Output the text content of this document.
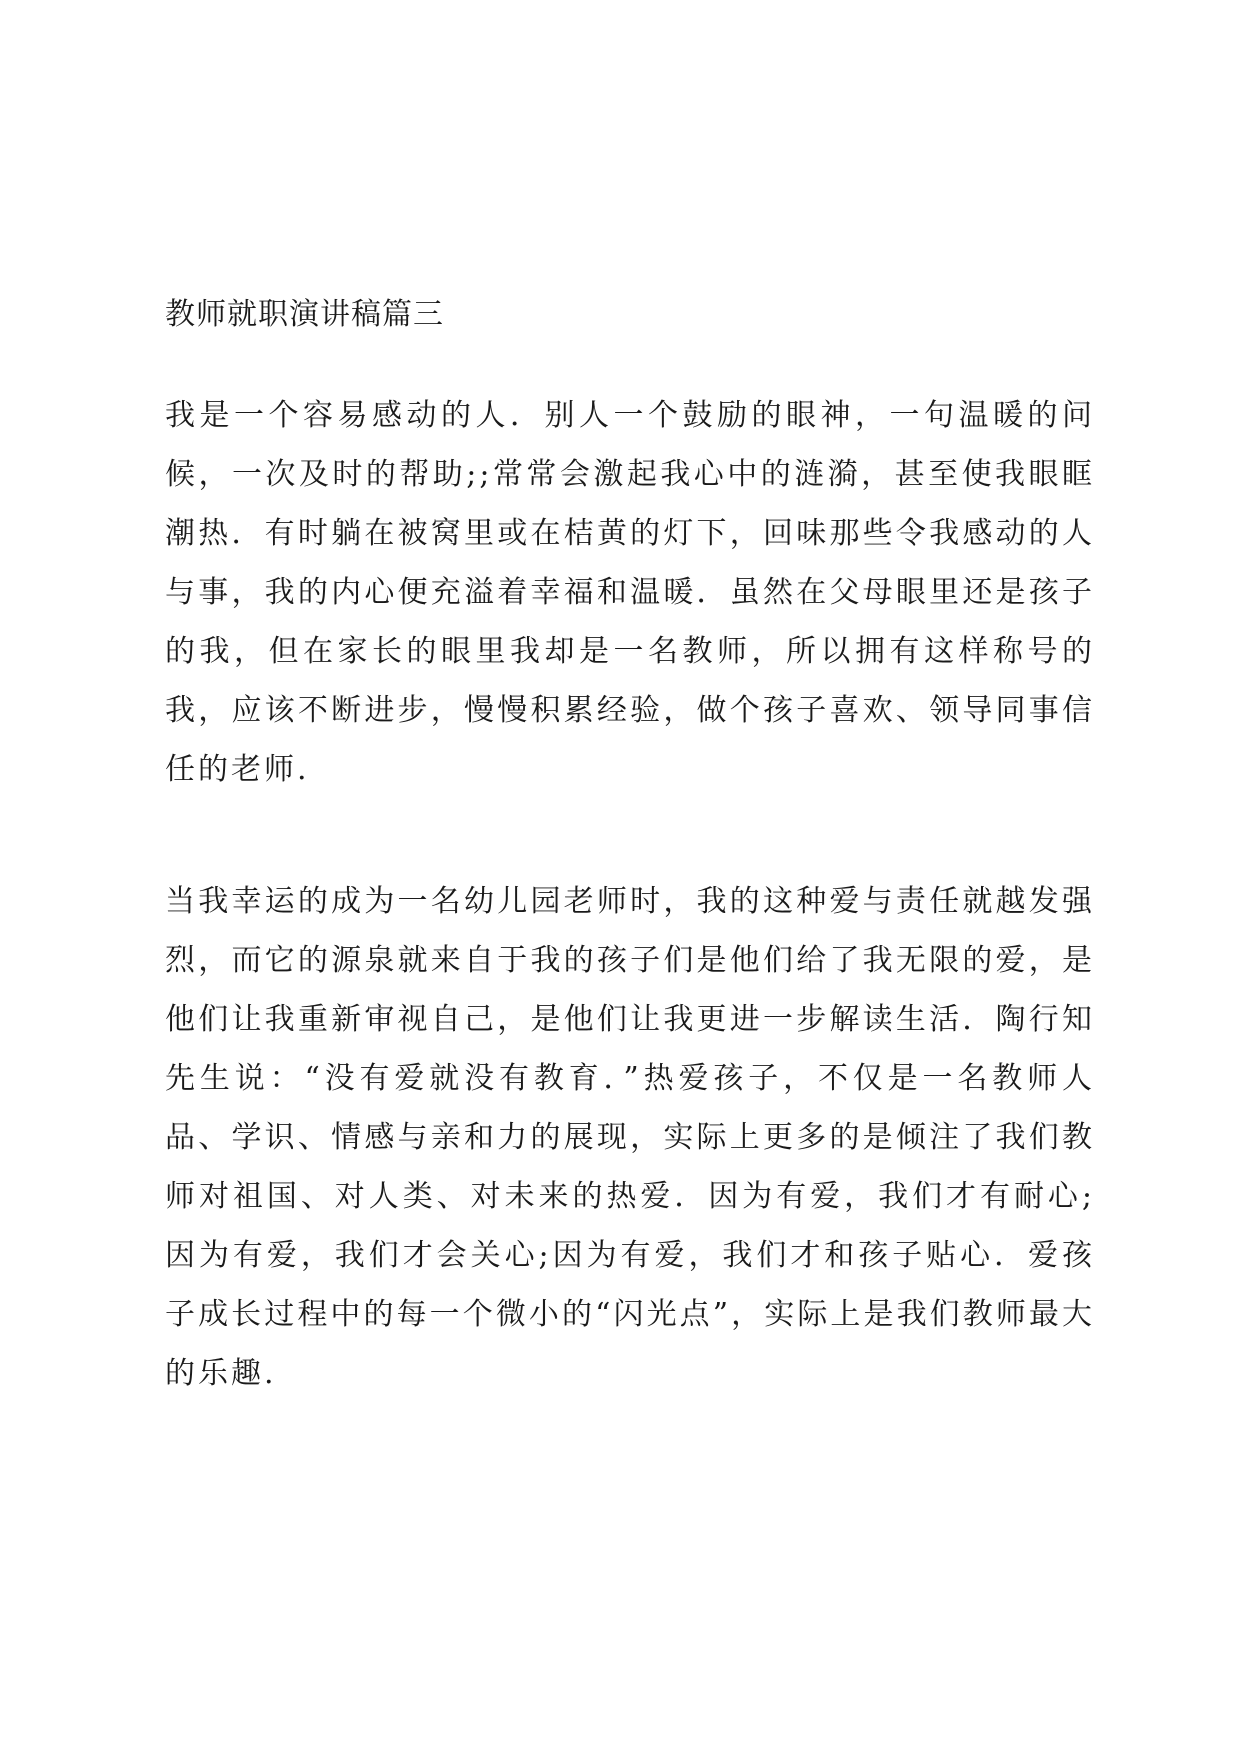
教师就职演讲稿篇三

我是一个容易感动的人．别人一个鼓励的眼神，一句温暖的问候，一次及时的帮助;;常常会激起我心中的涟漪，甚至使我眼眶潮热．有时躺在被窝里或在桔黄的灯下，回味那些令我感动的人与事，我的内心便充溢着幸福和温暖．虽然在父母眼里还是孩子的我，但在家长的眼里我却是一名教师，所以拥有这样称号的我，应该不断进步，慢慢积累经验，做个孩子喜欢、领导同事信任的老师.

当我幸运的成为一名幼儿园老师时，我的这种爱与责任就越发强烈，而它的源泉就来自于我的孩子们是他们给了我无限的爱，是他们让我重新审视自己，是他们让我更进一步解读生活．陶行知先生说：“没有爱就没有教育．”热爱孩子，不仅是一名教师人品、学识、情感与亲和力的展现，实际上更多的是倾注了我们教师对祖国、对人类、对未来的热爱．因为有爱，我们才有耐心;因为有爱，我们才会关心;因为有爱，我们才和孩子贴心．爱孩子成长过程中的每一个微小的“闪光点”，实际上是我们教师最大的乐趣.
